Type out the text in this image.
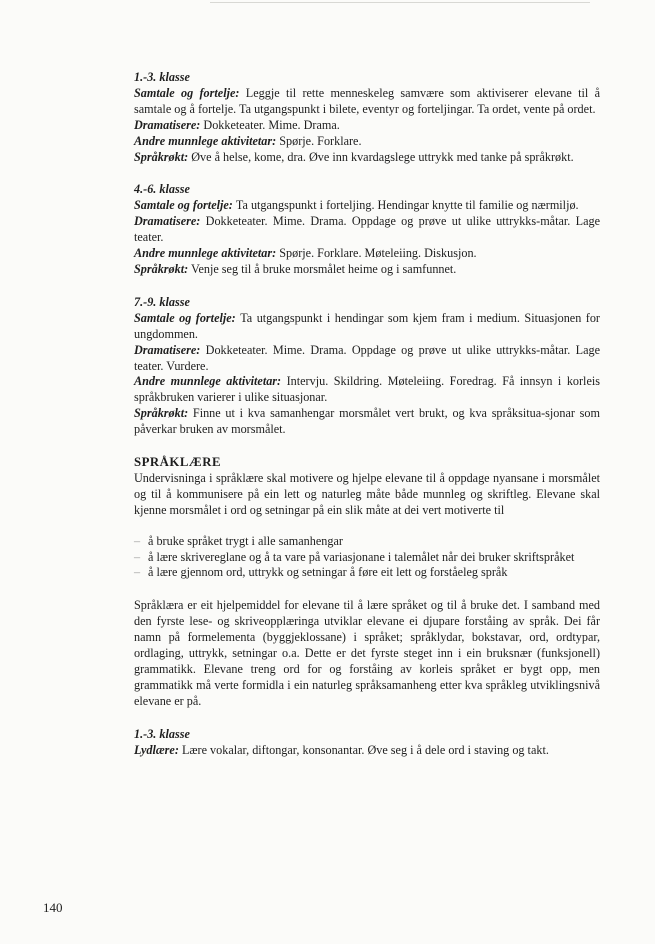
1.-3. klasse
Samtale og forteljе: Leggje til rette menneskeleg samvære som aktiviserer elevane til å samtale og å fortelje. Ta utgangspunkt i bilete, eventyr og forteljingar. Ta ordet, vente på ordet.
Dramatisere: Dokketeater. Mime. Drama.
Andre munnlege aktivitetar: Spørje. Forklare.
Språkrøkt: Øve å helse, kome, dra. Øve inn kvardagslege uttrykk med tanke på språkrøkt.
4.-6. klasse
Samtale og forteljе: Ta utgangspunkt i forteljing. Hendingar knytte til familie og nærmiljø.
Dramatisere: Dokketeater. Mime. Drama. Oppdage og prøve ut ulike uttrykks-måtar. Lage teater.
Andre munnlege aktivitetar: Spørje. Forklare. Møteleiing. Diskusjon.
Språkrøkt: Venje seg til å bruke morsmålet heime og i samfunnet.
7.-9. klasse
Samtale og forteljе: Ta utgangspunkt i hendingar som kjem fram i medium. Situasjonen for ungdommen.
Dramatisere: Dokketeater. Mime. Drama. Oppdage og prøve ut ulike uttrykks-måtar. Lage teater. Vurdere.
Andre munnlege aktivitetar: Intervju. Skildring. Møteleiing. Foredrag. Få innsyn i korleis språkbruken varierer i ulike situasjonar.
Språkrøkt: Finne ut i kva samanhengar morsmålet vert brukt, og kva språksitua-sjonar som påverkar bruken av morsmålet.
SPRÅKLÆRE
Undervisninga i språklære skal motivere og hjelpe elevane til å oppdage nyansane i morsmålet og til å kommunisere på ein lett og naturleg måte både munnleg og skriftleg. Elevane skal kjenne morsmålet i ord og setningar på ein slik måte at dei vert motiverte til
– å bruke språket trygt i alle samanhengar
– å lære skrivereglane og å ta vare på variasjonane i talemålet når dei bruker skriftspråket
– å lære gjennom ord, uttrykk og setningar å føre eit lett og forståeleg språk
Språklæra er eit hjelpemiddel for elevane til å lære språket og til å bruke det. I samband med den fyrste lese- og skriveopplæringa utviklar elevane ei djupare forståing av språk. Dei får namn på formelementa (byggjeklossane) i språket; språklydar, bokstavar, ord, ordtypar, ordlaging, uttrykk, setningar o.a. Dette er det fyrste steget inn i ein bruksnær (funksjonell) grammatikk. Elevane treng ord for og forståing av korleis språket er bygt opp, men grammatikk må verte formidla i ein naturleg språksamanheng etter kva språkleg utviklingsnivå elevane er på.
1.-3. klasse
Lydlære: Lære vokalar, diftongar, konsonantar. Øve seg i å dele ord i staving og takt.
140
